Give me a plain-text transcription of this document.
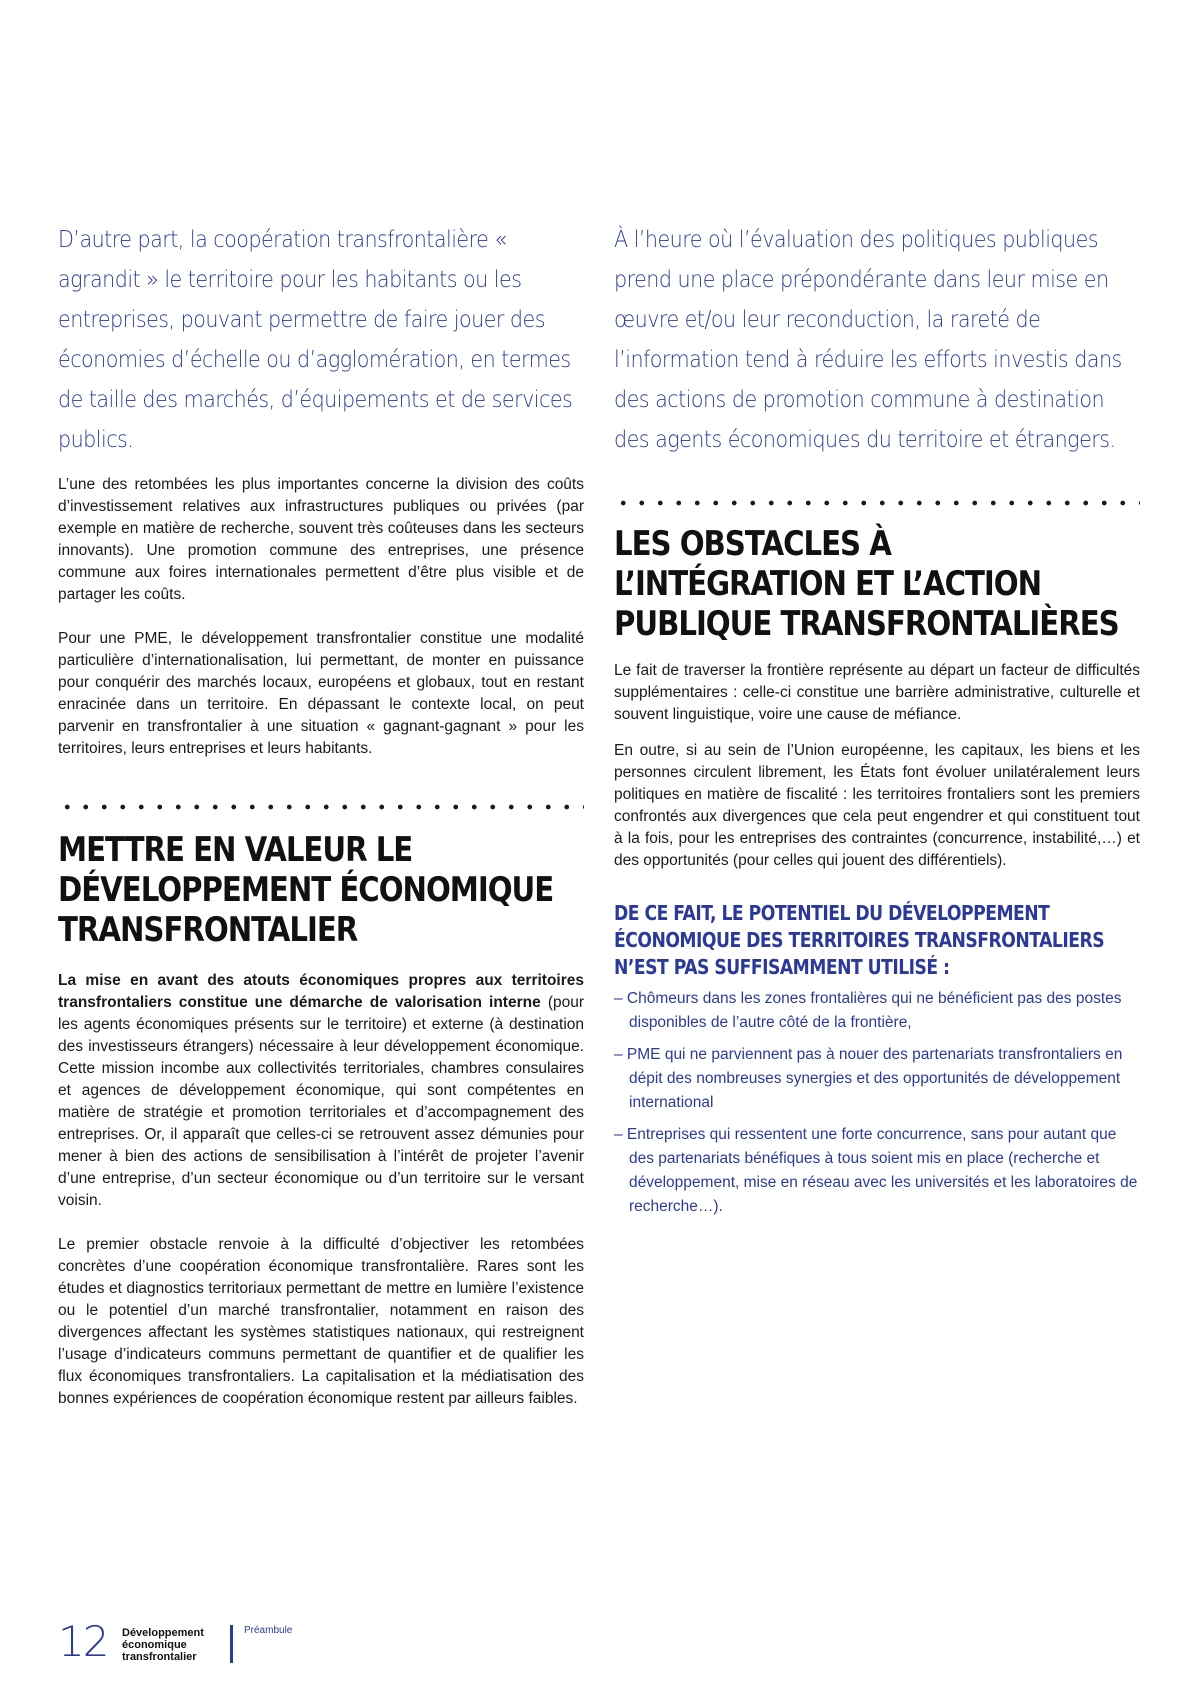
D’autre part, la coopération transfrontalière « agrandit » le territoire pour les habitants ou les entreprises, pouvant permettre de faire jouer des économies d’échelle ou d’agglomération, en termes de taille des marchés, d’équipements et de services publics.

L’une des retombées les plus importantes concerne la division des coûts d’investissement relatives aux infrastructures publiques ou privées (par exemple en matière de recherche, souvent très coûteuses dans les secteurs innovants). Une promotion commune des entreprises, une présence commune aux foires internationales permettent d’être plus visible et de partager les coûts.

Pour une PME, le développement transfrontalier constitue une modalité particulière d’internationalisation, lui permettant, de monter en puissance pour conquérir des marchés locaux, européens et globaux, tout en restant enracinée dans un territoire. En dépassant le contexte local, on peut parvenir en transfrontalier à une situation « gagnant-gagnant » pour les territoires, leurs entreprises et leurs habitants.

METTRE EN VALEUR LE DÉVELOPPEMENT ÉCONOMIQUE TRANSFRONTALIER

La mise en avant des atouts économiques propres aux territoires transfrontaliers constitue une démarche de valorisation interne (pour les agents économiques présents sur le territoire) et externe (à destination des investisseurs étrangers) nécessaire à leur développement économique. Cette mission incombe aux collectivités territoriales, chambres consulaires et agences de développement économique, qui sont compétentes en matière de stratégie et promotion territoriales et d’accompagnement des entreprises. Or, il apparaît que celles-ci se retrouvent assez démunies pour mener à bien des actions de sensibilisation à l’intérêt de projeter l’avenir d’une entreprise, d’un secteur économique ou d’un territoire sur le versant voisin.

Le premier obstacle renvoie à la difficulté d’objectiver les retombées concrètes d’une coopération économique transfrontalière. Rares sont les études et diagnostics territoriaux permettant de mettre en lumière l’existence ou le potentiel d’un marché transfrontalier, notamment en raison des divergences affectant les systèmes statistiques nationaux, qui restreignent l’usage d’indicateurs communs permettant de quantifier et de qualifier les flux économiques transfrontaliers. La capitalisation et la médiatisation des bonnes expériences de coopération économique restent par ailleurs faibles.

À l’heure où l’évaluation des politiques publiques prend une place prépondérante dans leur mise en œuvre et/ou leur reconduction, la rareté de l’information tend à réduire les efforts investis dans des actions de promotion commune à destination des agents économiques du territoire et étrangers.

LES OBSTACLES À L’INTÉGRATION ET L’ACTION PUBLIQUE TRANSFRONTALIÈRES

Le fait de traverser la frontière représente au départ un facteur de difficultés supplémentaires : celle-ci constitue une barrière administrative, culturelle et souvent linguistique, voire une cause de méfiance.

En outre, si au sein de l’Union européenne, les capitaux, les biens et les personnes circulent librement, les États font évoluer unilatéralement leurs politiques en matière de fiscalité : les territoires frontaliers sont les premiers confrontés aux divergences que cela peut engendrer et qui constituent tout à la fois, pour les entreprises des contraintes (concurrence, instabilité,…) et des opportunités (pour celles qui jouent des différentiels).

DE CE FAIT, LE POTENTIEL DU DÉVELOPPEMENT ÉCONOMIQUE DES TERRITOIRES TRANSFRONTALIERS N’EST PAS SUFFISAMMENT UTILISÉ :
– Chômeurs dans les zones frontalières qui ne bénéficient pas des postes disponibles de l’autre côté de la frontière,
– PME qui ne parviennent pas à nouer des partenariats transfrontaliers en dépit des nombreuses synergies et des opportunités de développement international
– Entreprises qui ressentent une forte concurrence, sans pour autant que des partenariats bénéfiques à tous soient mis en place (recherche et développement, mise en réseau avec les universités et les laboratoires de recherche…).
12 Développement
économique
transfrontalier
Préambule
